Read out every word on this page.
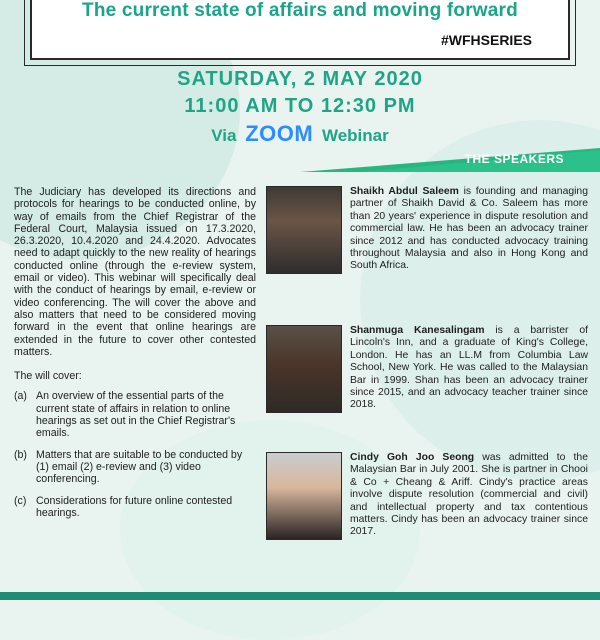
The current state of affairs and moving forward
#WFHSERIES
SATURDAY, 2 MAY 2020
11:00 AM TO 12:30 PM
Via ZOOM Webinar
THE SPEAKERS

The Judiciary has developed its directions and protocols for hearings to be conducted online, by way of emails from the Chief Registrar of the Federal Court, Malaysia issued on 17.3.2020, 26.3.2020, 10.4.2020 and 24.4.2020. Advocates need to adapt quickly to the new reality of hearings conducted online (through the e-review system, email or video). This webinar will specifically deal with the conduct of hearings by email, e-review or video conferencing. The will cover the above and also matters that need to be considered moving forward in the event that online hearings are extended in the future to cover other contested matters.

The will cover:
(a) An overview of the essential parts of the current state of affairs in relation to online hearings as set out in the Chief Registrar's emails.
(b) Matters that are suitable to be conducted by (1) email (2) e-review and (3) video conferencing.
(c) Considerations for future online contested hearings.
Shaikh Abdul Saleem is founding and managing partner of Shaikh David & Co. Saleem has more than 20 years' experience in dispute resolution and commercial law. He has been an advocacy trainer since 2012 and has conducted advocacy training throughout Malaysia and also in Hong Kong and South Africa.
Shanmuga Kanesalingam is a barrister of Lincoln's Inn, and a graduate of King's College, London. He has an LL.M from Columbia Law School, New York. He was called to the Malaysian Bar in 1999. Shan has been an advocacy trainer since 2015, and an advocacy teacher trainer since 2018.
Cindy Goh Joo Seong was admitted to the Malaysian Bar in July 2001. She is partner in Chooi & Co + Cheang & Ariff. Cindy's practice areas involve dispute resolution (commercial and civil) and intellectual property and tax contentious matters. Cindy has been an advocacy trainer since 2017.
